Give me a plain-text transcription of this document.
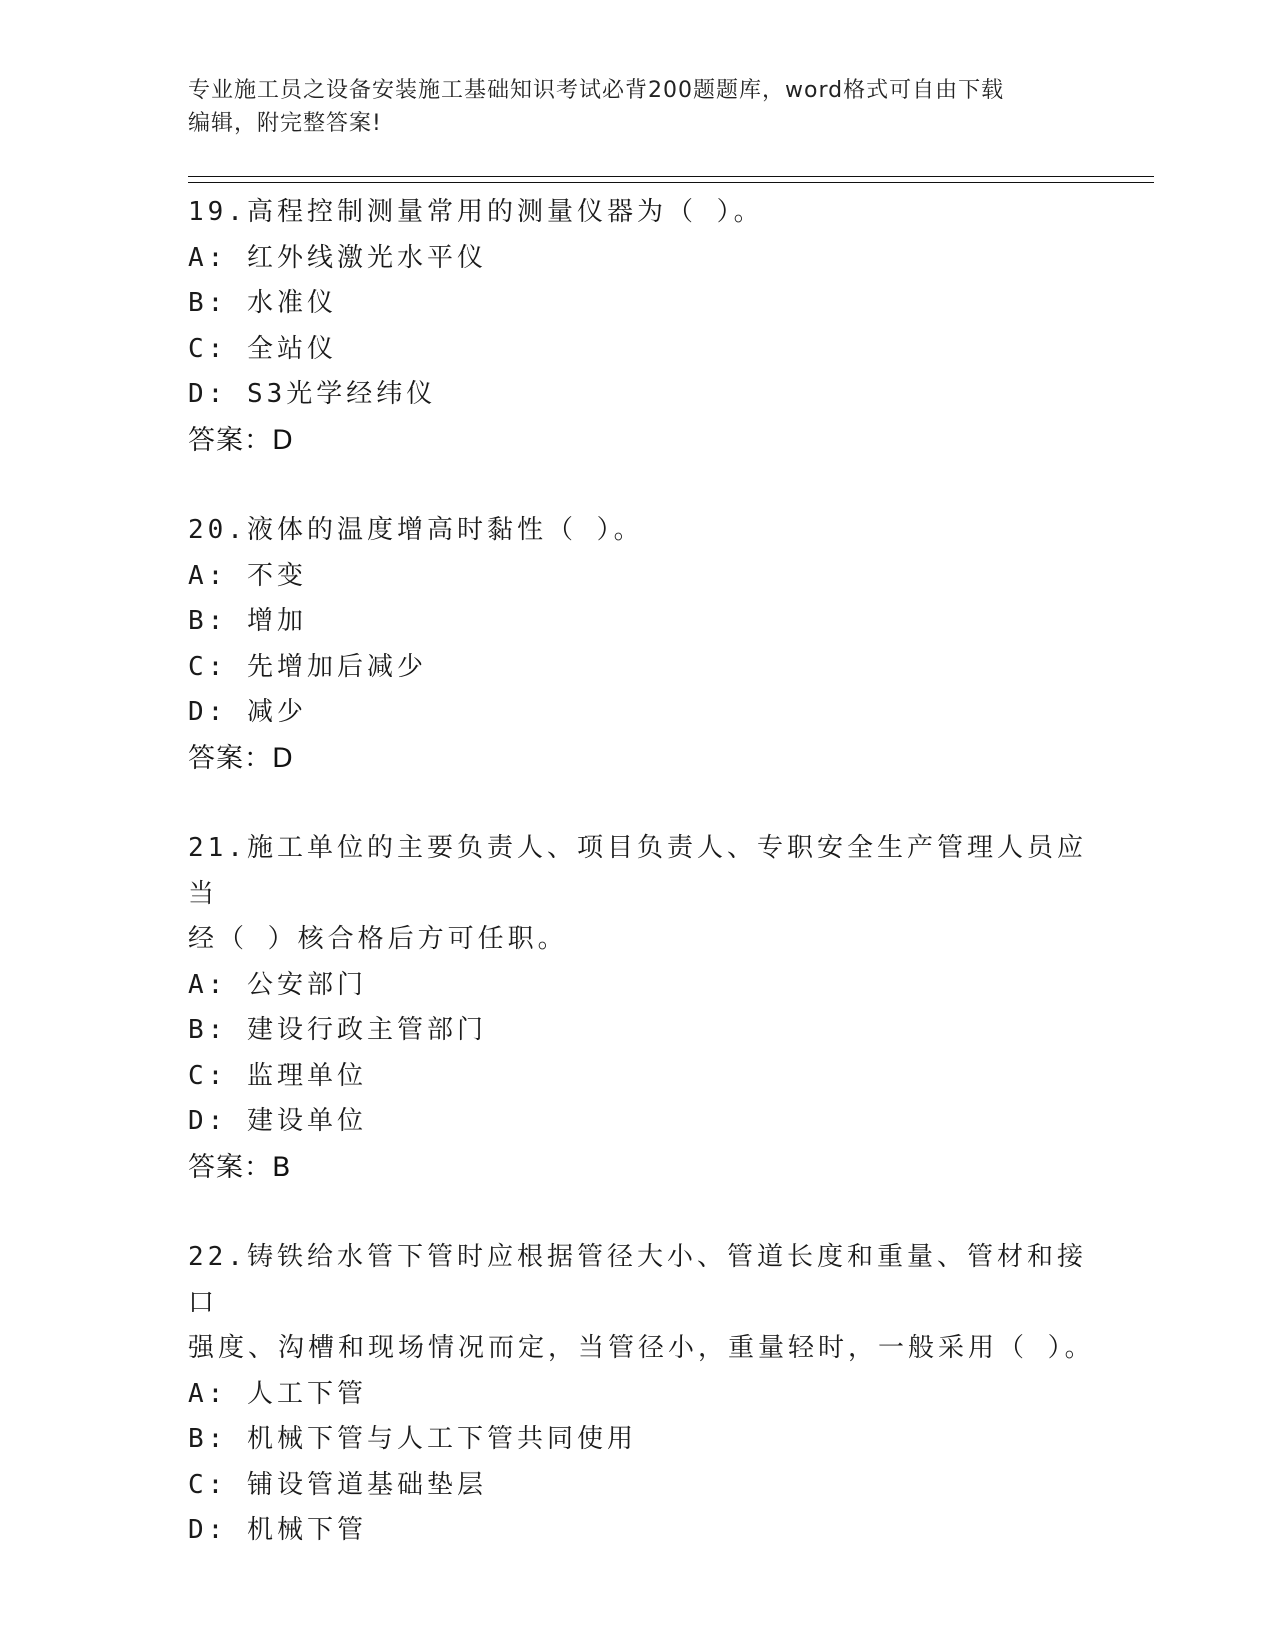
专业施工员之设备安装施工基础知识考试必背200题题库，word格式可自由下载
编辑，附完整答案!
19.高程控制测量常用的测量仪器为（ ）。
A: 红外线激光水平仪
B: 水准仪
C: 全站仪
D: S3光学经纬仪
答案：D
20.液体的温度增高时黏性（ ）。
A: 不变
B: 增加
C: 先增加后减少
D: 减少
答案：D
21.施工单位的主要负责人、项目负责人、专职安全生产管理人员应当
经（ ）核合格后方可任职。
A: 公安部门
B: 建设行政主管部门
C: 监理单位
D: 建设单位
答案：B
22.铸铁给水管下管时应根据管径大小、管道长度和重量、管材和接口
强度、沟槽和现场情况而定，当管径小，重量轻时，一般采用（ ）。
A: 人工下管
B: 机械下管与人工下管共同使用
C: 铺设管道基础垫层
D: 机械下管
